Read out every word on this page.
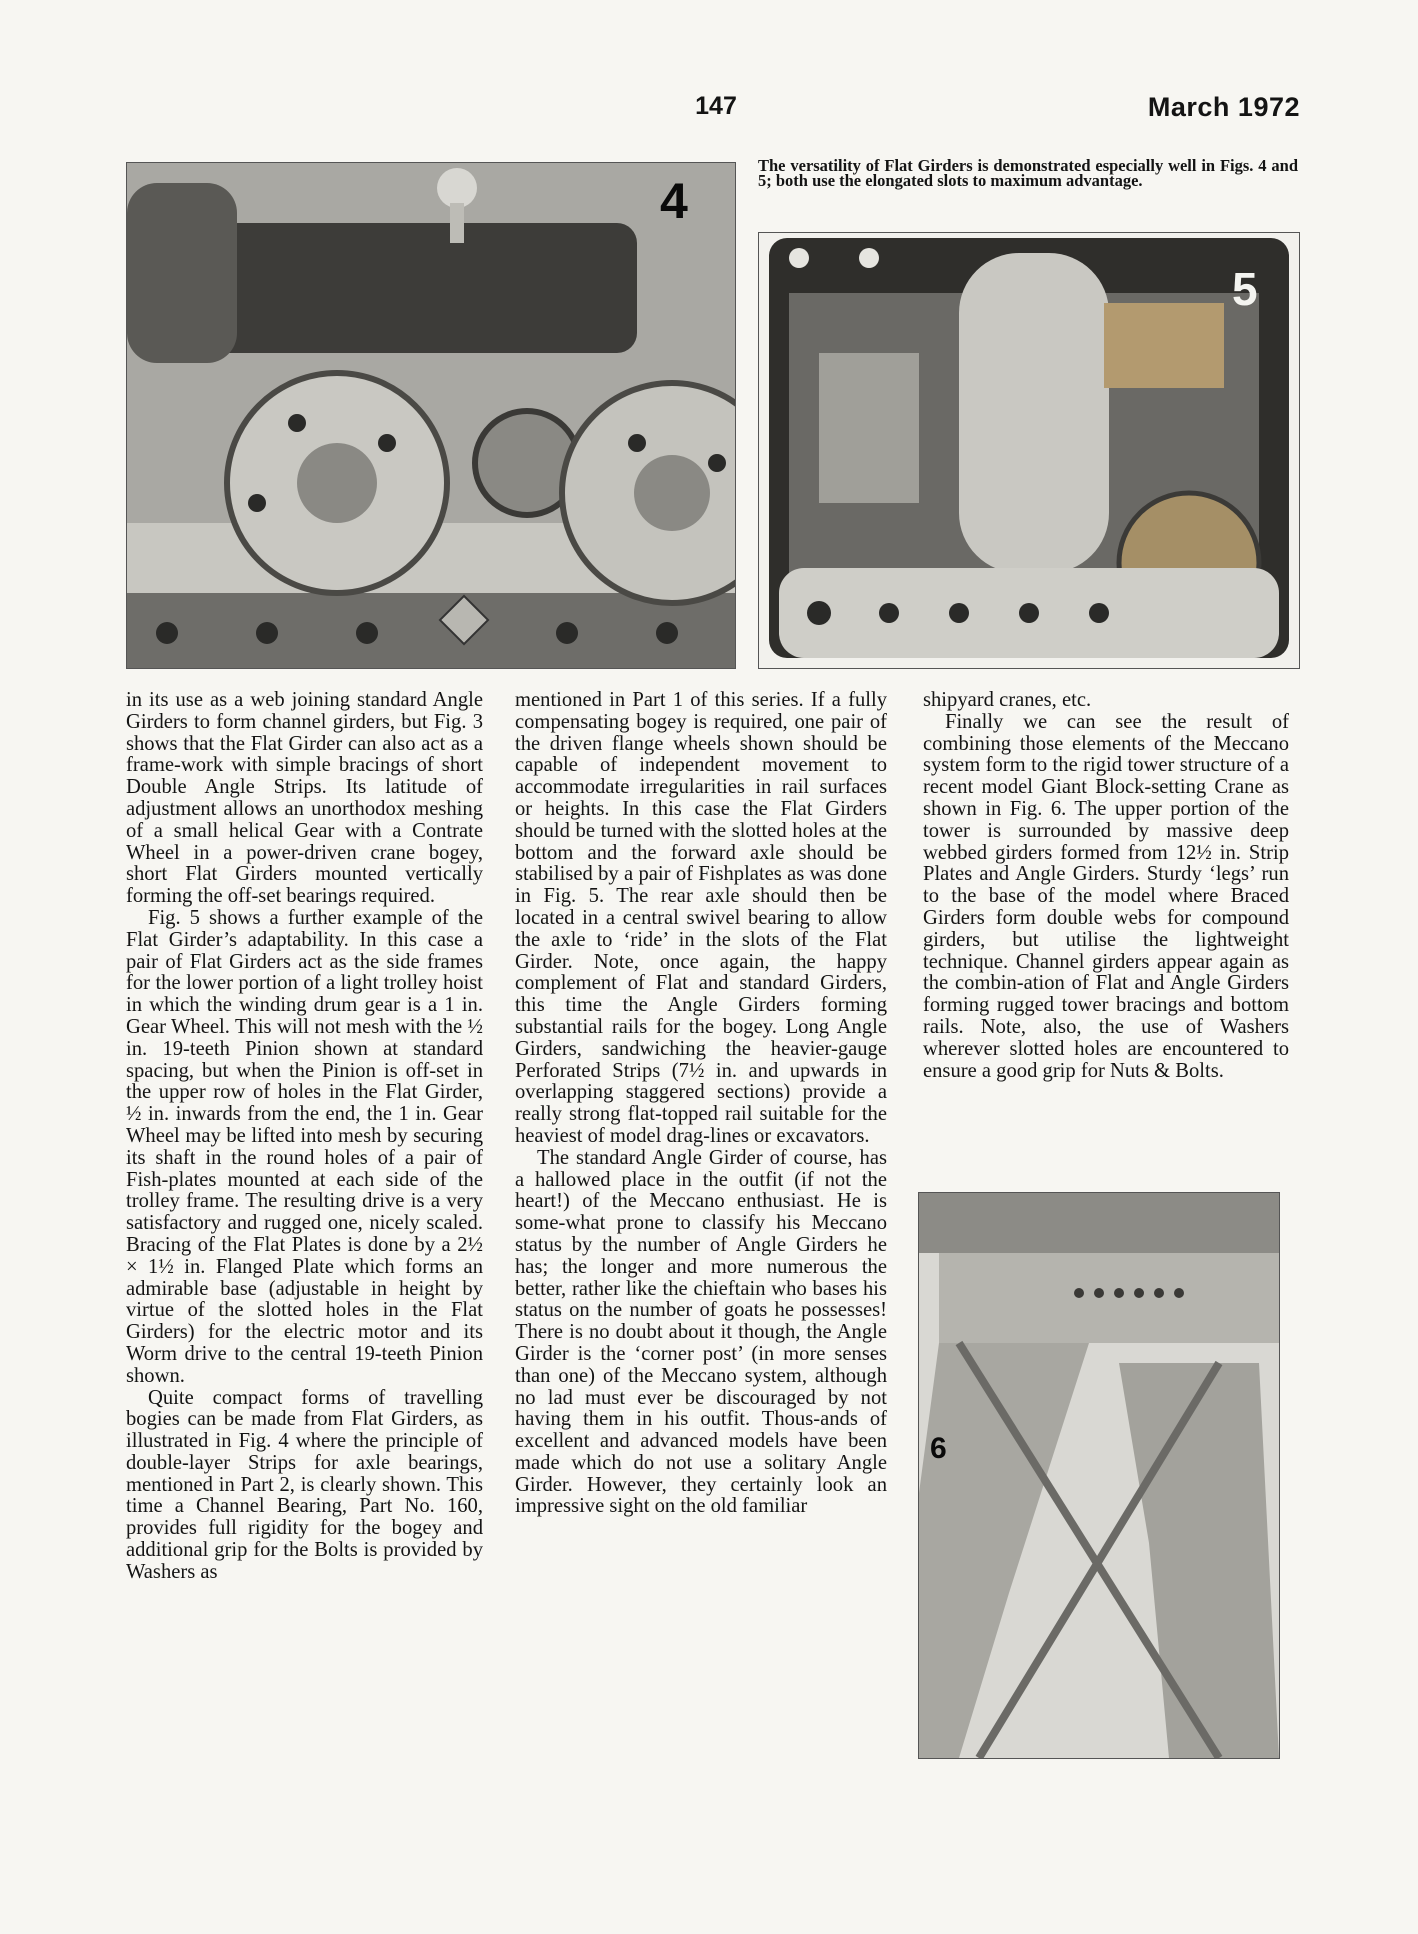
147	March 1972
4
The versatility of Flat Girders is demonstrated especially well in Figs. 4 and 5; both use the elongated slots to maximum advantage.
5

in its use as a web joining standard Angle Girders to form channel girders, but Fig. 3 shows that the Flat Girder can also act as a frame-work with simple bracings of short Double Angle Strips. Its latitude of adjustment allows an unorthodox meshing of a small helical Gear with a Contrate Wheel in a power-driven crane bogey, short Flat Girders mounted vertically forming the off-set bearings required.

Fig. 5 shows a further example of the Flat Girder’s adaptability. In this case a pair of Flat Girders act as the side frames for the lower portion of a light trolley hoist in which the winding drum gear is a 1 in. Gear Wheel. This will not mesh with the ½ in. 19-teeth Pinion shown at standard spacing, but when the Pinion is off-set in the upper row of holes in the Flat Girder, ½ in. inwards from the end, the 1 in. Gear Wheel may be lifted into mesh by securing its shaft in the round holes of a pair of Fish-plates mounted at each side of the trolley frame. The resulting drive is a very satisfactory and rugged one, nicely scaled. Bracing of the Flat Plates is done by a 2½ × 1½ in. Flanged Plate which forms an admirable base (adjustable in height by virtue of the slotted holes in the Flat Girders) for the electric motor and its Worm drive to the central 19-teeth Pinion shown.

Quite compact forms of travelling bogies can be made from Flat Girders, as illustrated in Fig. 4 where the principle of double-layer Strips for axle bearings, mentioned in Part 2, is clearly shown. This time a Channel Bearing, Part No. 160, provides full rigidity for the bogey and additional grip for the Bolts is provided by Washers as

mentioned in Part 1 of this series. If a fully compensating bogey is required, one pair of the driven flange wheels shown should be capable of independent movement to accommodate irregularities in rail surfaces or heights. In this case the Flat Girders should be turned with the slotted holes at the bottom and the forward axle should be stabilised by a pair of Fishplates as was done in Fig. 5. The rear axle should then be located in a central swivel bearing to allow the axle to ‘ride’ in the slots of the Flat Girder. Note, once again, the happy complement of Flat and standard Girders, this time the Angle Girders forming substantial rails for the bogey. Long Angle Girders, sandwiching the heavier-gauge Perforated Strips (7½ in. and upwards in overlapping staggered sections) provide a really strong flat-topped rail suitable for the heaviest of model drag-lines or excavators.

The standard Angle Girder of course, has a hallowed place in the outfit (if not the heart!) of the Meccano enthusiast. He is some-what prone to classify his Meccano status by the number of Angle Girders he has; the longer and more numerous the better, rather like the chieftain who bases his status on the number of goats he possesses! There is no doubt about it though, the Angle Girder is the ‘corner post’ (in more senses than one) of the Meccano system, although no lad must ever be discouraged by not having them in his outfit. Thous-ands of excellent and advanced models have been made which do not use a solitary Angle Girder. However, they certainly look an impressive sight on the old familiar

shipyard cranes, etc.

Finally we can see the result of combining those elements of the Meccano system form to the rigid tower structure of a recent model Giant Block-setting Crane as shown in Fig. 6. The upper portion of the tower is surrounded by massive deep webbed girders formed from 12½ in. Strip Plates and Angle Girders. Sturdy ‘legs’ run to the base of the model where Braced Girders form double webs for compound girders, but utilise the lightweight technique. Channel girders appear again as the combin-ation of Flat and Angle Girders forming rugged tower bracings and bottom rails. Note, also, the use of Washers wherever slotted holes are encountered to ensure a good grip for Nuts & Bolts.

6
